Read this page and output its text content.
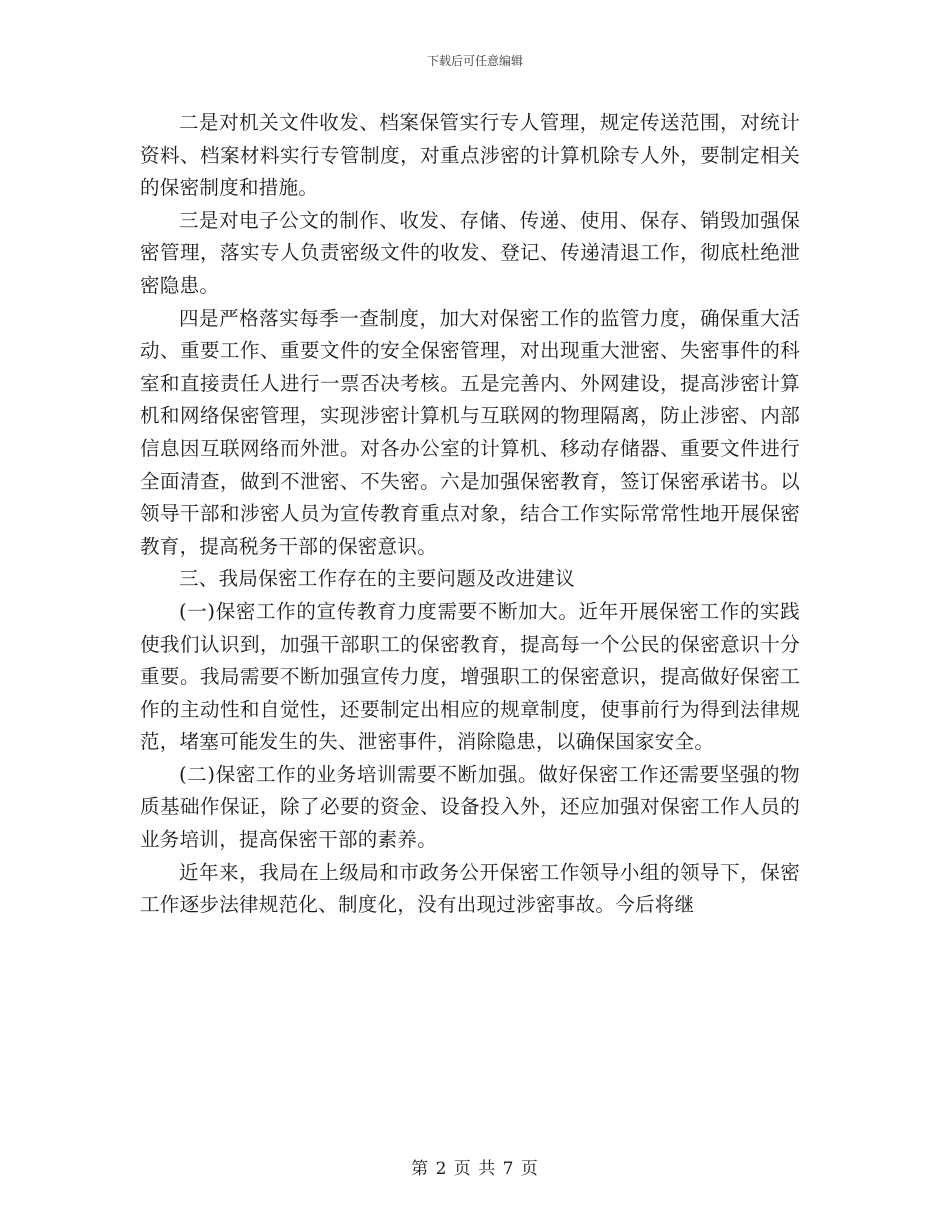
下载后可任意编辑

二是对机关文件收发、档案保管实行专人管理，规定传送范围，对统计资料、档案材料实行专管制度，对重点涉密的计算机除专人外，要制定相关的保密制度和措施。

三是对电子公文的制作、收发、存储、传递、使用、保存、销毁加强保密管理，落实专人负责密级文件的收发、登记、传递清退工作，彻底杜绝泄密隐患。

四是严格落实每季一查制度，加大对保密工作的监管力度，确保重大活动、重要工作、重要文件的安全保密管理，对出现重大泄密、失密事件的科室和直接责任人进行一票否决考核。五是完善内、外网建设，提高涉密计算机和网络保密管理，实现涉密计算机与互联网的物理隔离，防止涉密、内部信息因互联网络而外泄。对各办公室的计算机、移动存储器、重要文件进行全面清查，做到不泄密、不失密。六是加强保密教育，签订保密承诺书。以领导干部和涉密人员为宣传教育重点对象，结合工作实际常常性地开展保密教育，提高税务干部的保密意识。

三、我局保密工作存在的主要问题及改进建议

(一)保密工作的宣传教育力度需要不断加大。近年开展保密工作的实践使我们认识到，加强干部职工的保密教育，提高每一个公民的保密意识十分重要。我局需要不断加强宣传力度，增强职工的保密意识，提高做好保密工作的主动性和自觉性，还要制定出相应的规章制度，使事前行为得到法律规范，堵塞可能发生的失、泄密事件，消除隐患，以确保国家安全。

(二)保密工作的业务培训需要不断加强。做好保密工作还需要坚强的物质基础作保证，除了必要的资金、设备投入外，还应加强对保密工作人员的业务培训，提高保密干部的素养。

近年来，我局在上级局和市政务公开保密工作领导小组的领导下，保密工作逐步法律规范化、制度化，没有出现过涉密事故。今后将继

第 2 页 共 7 页
